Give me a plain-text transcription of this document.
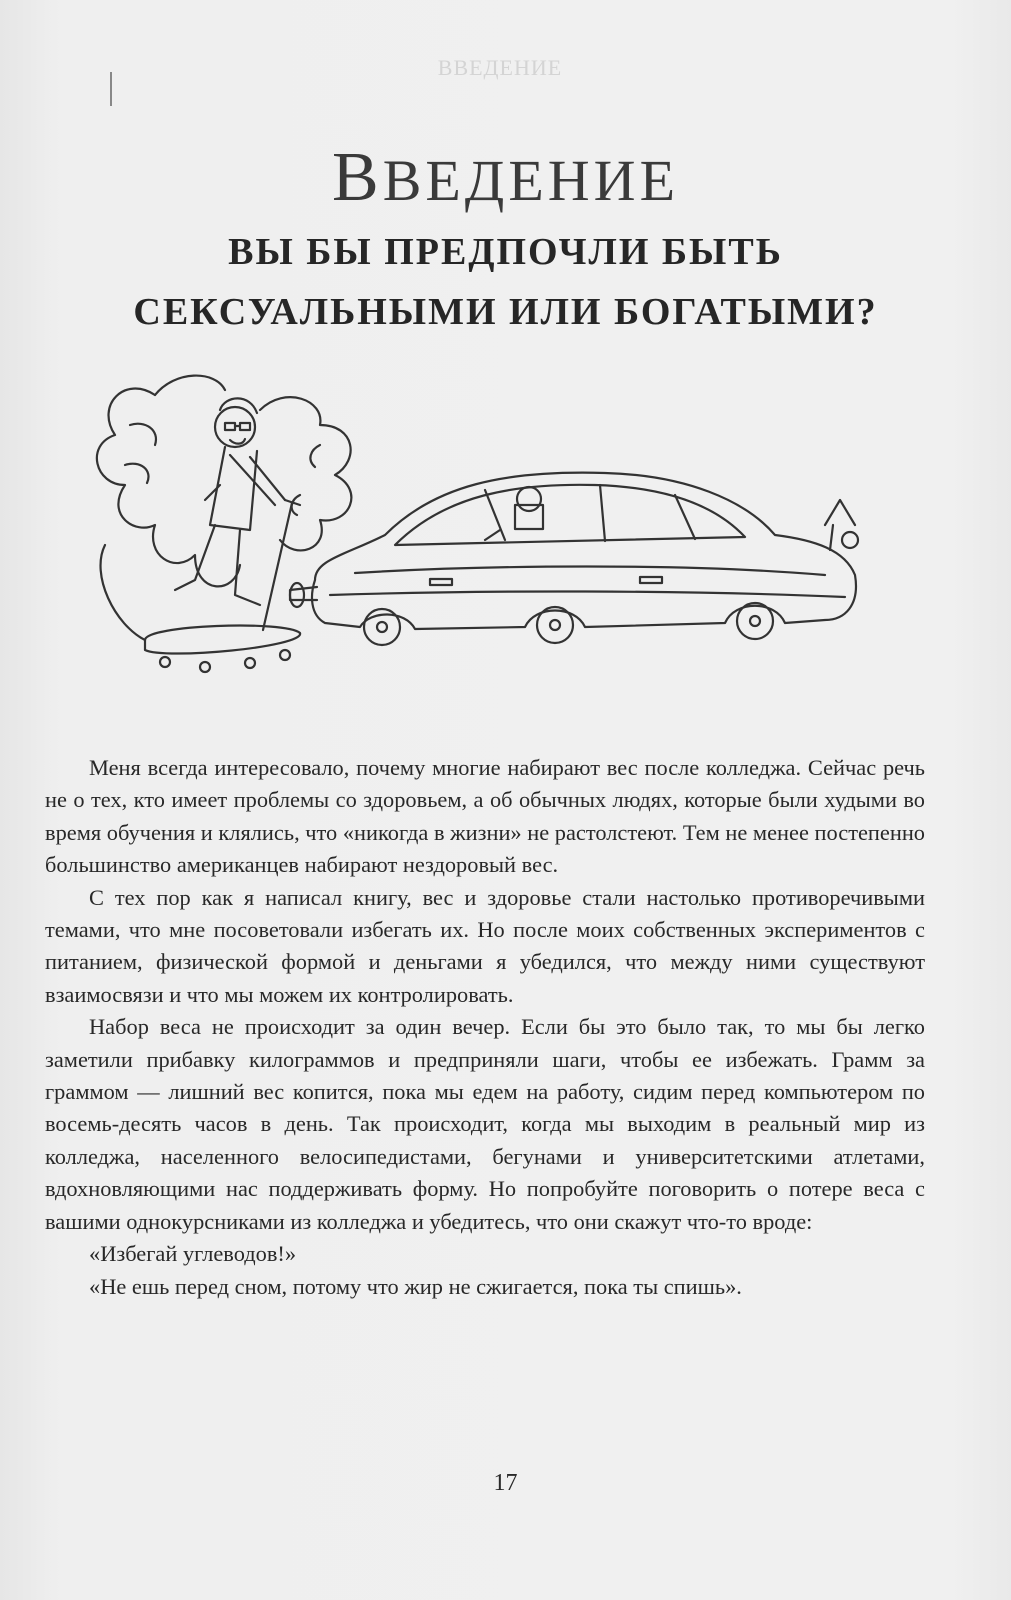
ВВЕДЕНИЕ
ВВЕДЕНИЕ
ВЫ БЫ ПРЕДПОЧЛИ БЫТЬ
СЕКСУАЛЬНЫМИ ИЛИ БОГАТЫМИ?

Меня всегда интересовало, почему многие набирают вес после колледжа. Сейчас речь не о тех, кто имеет проблемы со здоровьем, а об обычных людях, которые были худыми во время обучения и клялись, что «никогда в жизни» не растолстеют. Тем не менее постепенно большинство американцев набирают нездоровый вес.

С тех пор как я написал книгу, вес и здоровье стали настолько противоречивыми темами, что мне посоветовали избегать их. Но после моих собственных экспериментов с питанием, физической формой и деньгами я убедился, что между ними существуют взаимосвязи и что мы можем их контролировать.

Набор веса не происходит за один вечер. Если бы это было так, то мы бы легко заметили прибавку килограммов и предприняли шаги, чтобы ее избежать. Грамм за граммом — лишний вес копится, пока мы едем на работу, сидим перед компьютером по восемь-десять часов в день. Так происходит, когда мы выходим в реальный мир из колледжа, населенного велосипедистами, бегунами и университетскими атлетами, вдохновляющими нас поддерживать форму. Но попробуйте поговорить о потере веса с вашими однокурсниками из колледжа и убедитесь, что они скажут что-то вроде:

«Избегай углеводов!»

«Не ешь перед сном, потому что жир не сжигается, пока ты спишь».

17
